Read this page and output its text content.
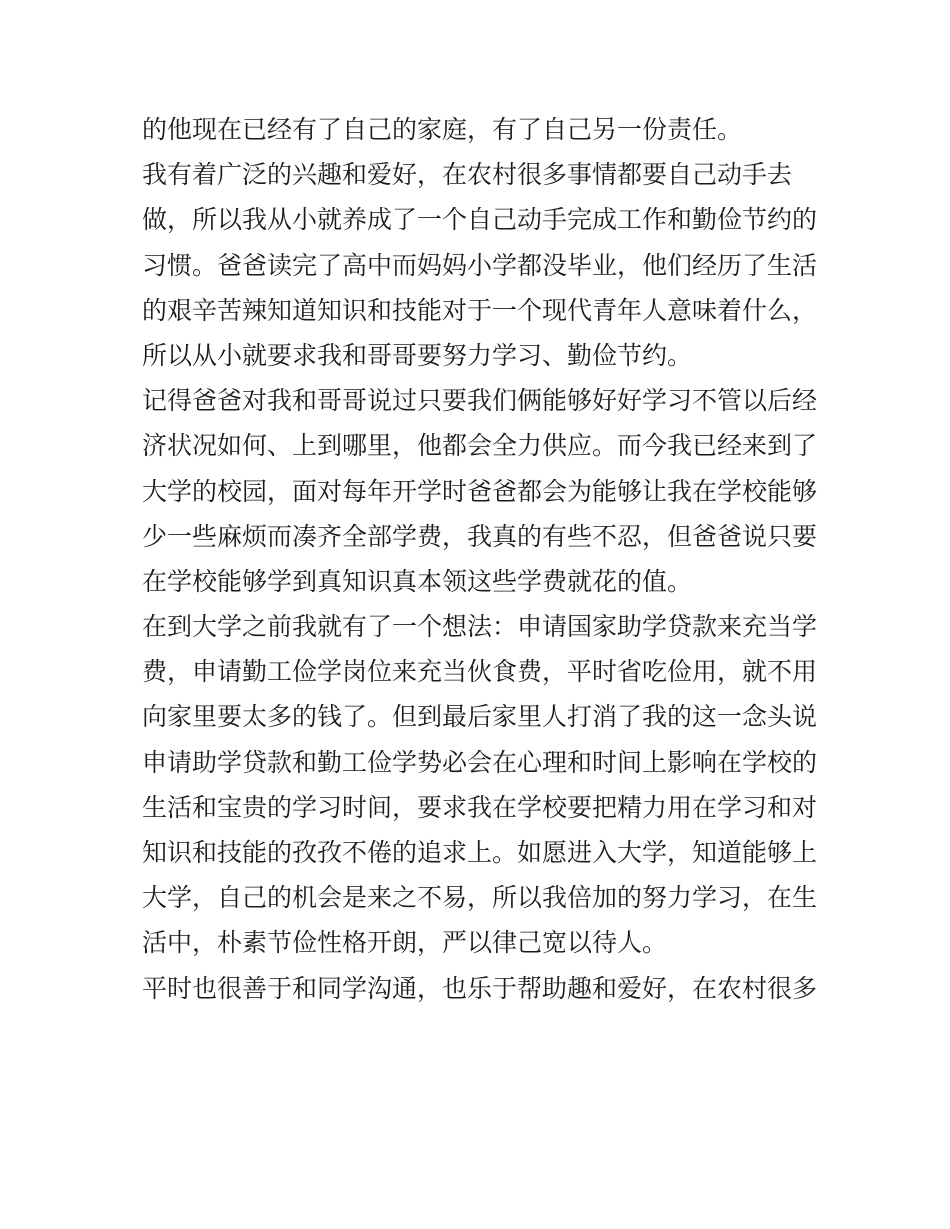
的他现在已经有了自己的家庭，有了自己另一份责任。
我有着广泛的兴趣和爱好，在农村很多事情都要自己动手去
做，所以我从小就养成了一个自己动手完成工作和勤俭节约的
习惯。爸爸读完了高中而妈妈小学都没毕业，他们经历了生活
的艰辛苦辣知道知识和技能对于一个现代青年人意味着什么，
所以从小就要求我和哥哥要努力学习、勤俭节约。
记得爸爸对我和哥哥说过只要我们俩能够好好学习不管以后经
济状况如何、上到哪里，他都会全力供应。而今我已经来到了
大学的校园，面对每年开学时爸爸都会为能够让我在学校能够
少一些麻烦而凑齐全部学费，我真的有些不忍，但爸爸说只要
在学校能够学到真知识真本领这些学费就花的值。
在到大学之前我就有了一个想法：申请国家助学贷款来充当学
费，申请勤工俭学岗位来充当伙食费，平时省吃俭用，就不用
向家里要太多的钱了。但到最后家里人打消了我的这一念头说
申请助学贷款和勤工俭学势必会在心理和时间上影响在学校的
生活和宝贵的学习时间，要求我在学校要把精力用在学习和对
知识和技能的孜孜不倦的追求上。如愿进入大学，知道能够上
大学，自己的机会是来之不易，所以我倍加的努力学习，在生
活中，朴素节俭性格开朗，严以律己宽以待人。
平时也很善于和同学沟通，也乐于帮助趣和爱好，在农村很多
